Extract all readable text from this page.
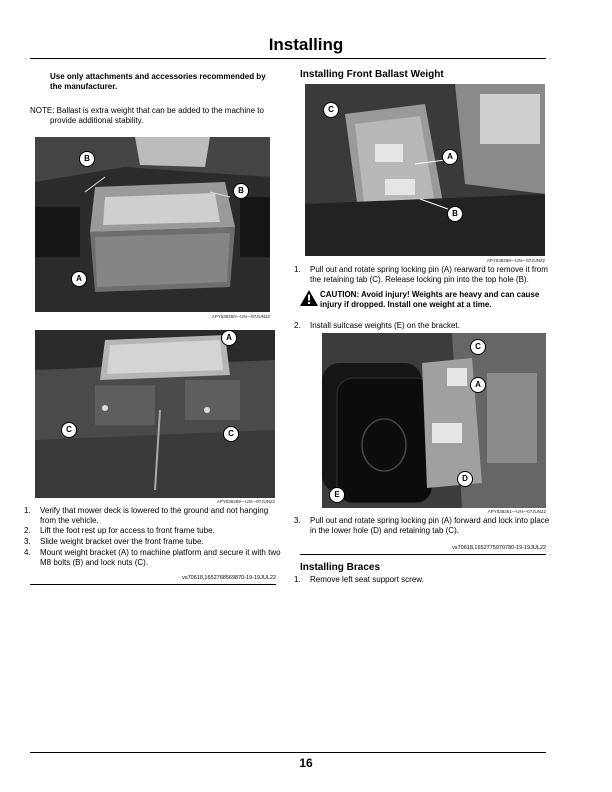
Installing
Use only attachments and accessories recommended by the manufacturer.
NOTE: Ballast is extra weight that can be added to the machine to provide additional stability.
B
B
A
APY538260—UN—07JUN22
A
C	C
APY538259—UN—07JUN22
1. Verify that mower deck is lowered to the ground and not hanging from the vehicle.
2. Lift the foot rest up for access to front frame tube.
3. Slide weight bracket over the front frame tube.
4. Mount weight bracket (A) to machine platform and secure it with two M8 bolts (B) and lock nuts (C).
vs70618,1652768569870-19-19JUL22
Installing Front Ballast Weight
C
A
B
APY538260—UN—07JUN22
1. Pull out and rotate spring locking pin (A) rearward to remove it from the retaining tab (C). Release locking pin into the top hole (B).
CAUTION: Avoid injury! Weights are heavy and can cause injury if dropped. Install one weight at a time.
2. Install suitcase weights (E) on the bracket.
C
A
E
D
APY538261—UN—07JUN22
3. Pull out and rotate spring locking pin (A) forward and lock into place in the lower hole (D) and retaining tab (C).
vs70618,1652775970780-19-19JUL22
Installing Braces
1. Remove left seat support screw.
16
